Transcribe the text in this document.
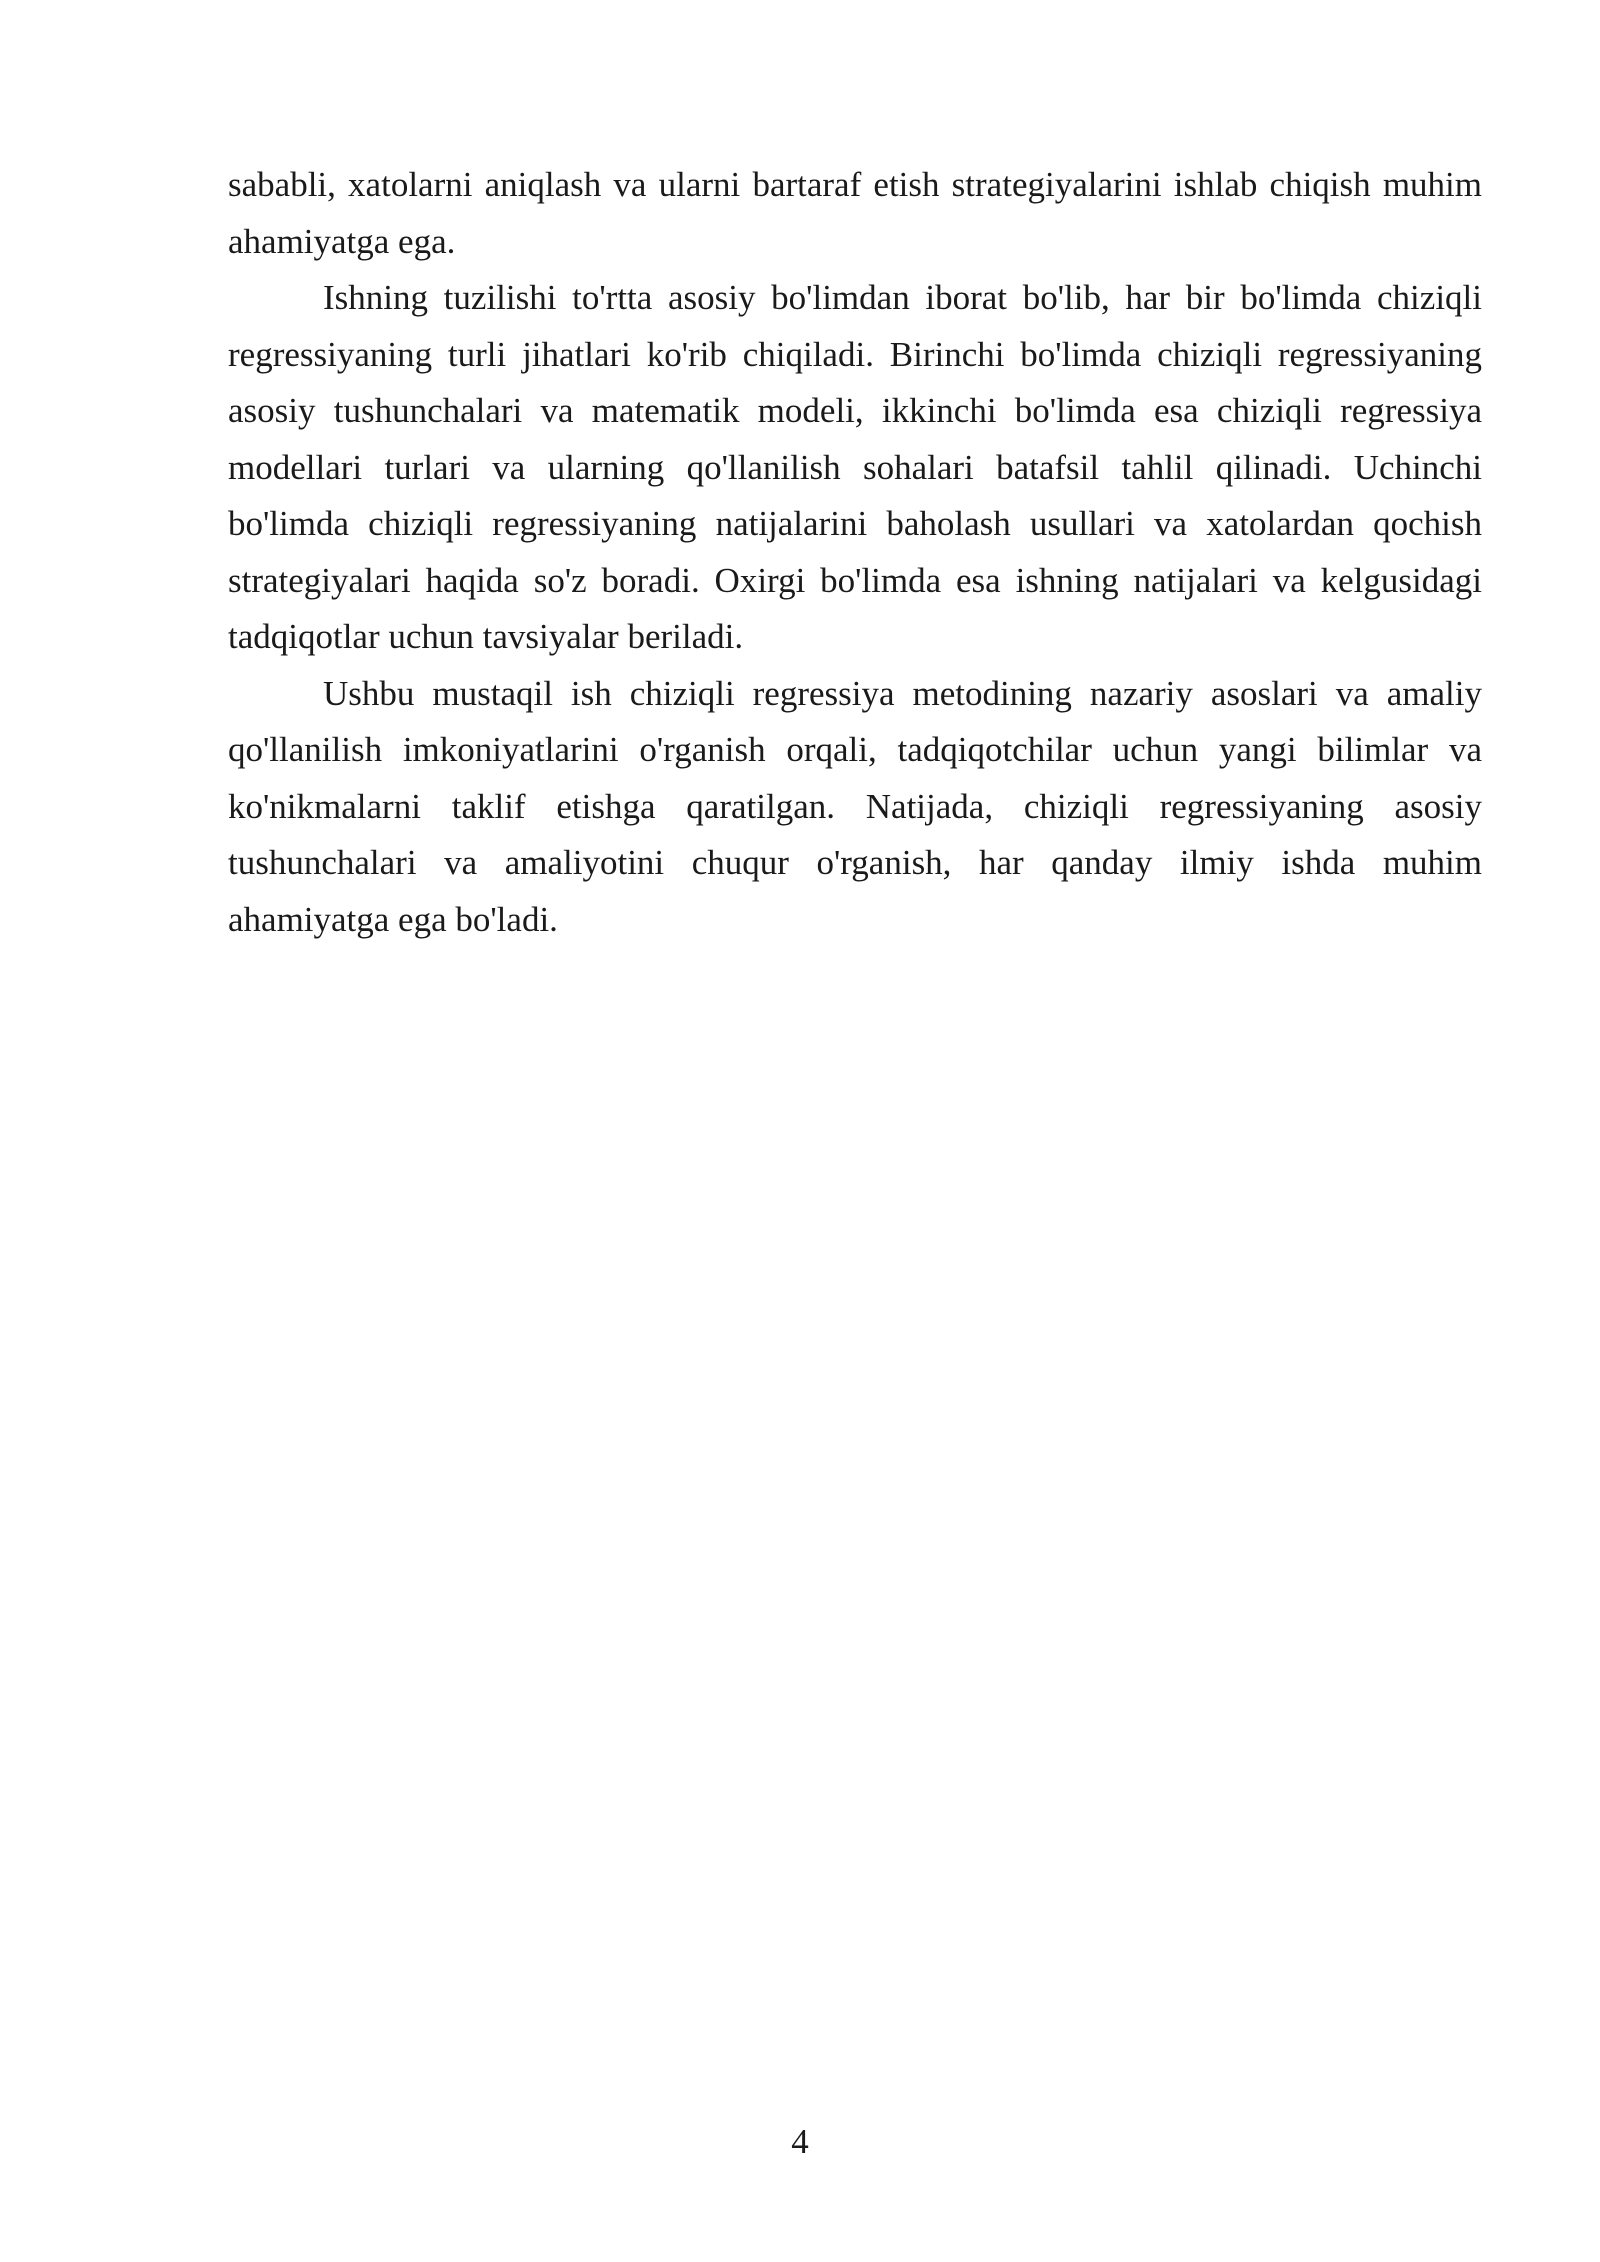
sababli, xatolarni aniqlash va ularni bartaraf etish strategiyalarini ishlab chiqish muhim ahamiyatga ega.

Ishning tuzilishi to'rtta asosiy bo'limdan iborat bo'lib, har bir bo'limda chiziqli regressiyaning turli jihatlari ko'rib chiqiladi. Birinchi bo'limda chiziqli regressiyaning asosiy tushunchalari va matematik modeli, ikkinchi bo'limda esa chiziqli regressiya modellari turlari va ularning qo'llanilish sohalari batafsil tahlil qilinadi. Uchinchi bo'limda chiziqli regressiyaning natijalarini baholash usullari va xatolardan qochish strategiyalari haqida so'z boradi. Oxirgi bo'limda esa ishning natijalari va kelgusidagi tadqiqotlar uchun tavsiyalar beriladi.

Ushbu mustaqil ish chiziqli regressiya metodining nazariy asoslari va amaliy qo'llanilish imkoniyatlarini o'rganish orqali, tadqiqotchilar uchun yangi bilimlar va ko'nikmalarni taklif etishga qaratilgan. Natijada, chiziqli regressiyaning asosiy tushunchalari va amaliyotini chuqur o'rganish, har qanday ilmiy ishda muhim ahamiyatga ega bo'ladi.

4
